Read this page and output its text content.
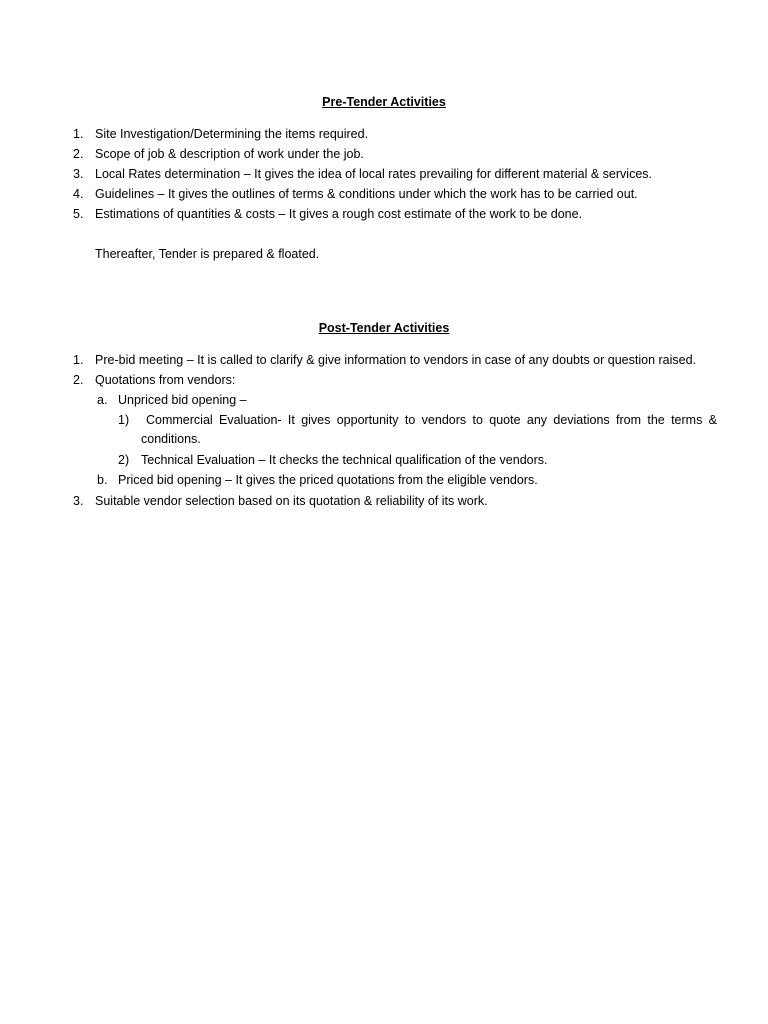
Pre-Tender Activities
1. Site Investigation/Determining the items required.
2. Scope of job & description of work under the job.
3. Local Rates determination – It gives the idea of local rates prevailing for different material & services.
4. Guidelines – It gives the outlines of terms & conditions under which the work has to be carried out.
5. Estimations of quantities & costs – It gives a rough cost estimate of the work to be done.
Thereafter, Tender is prepared & floated.
Post-Tender Activities
1. Pre-bid meeting – It is called to clarify & give information to vendors in case of any doubts or question raised.
2. Quotations from vendors:
a. Unpriced bid opening –
1) Commercial Evaluation- It gives opportunity to vendors to quote any deviations from the terms &
conditions.
2) Technical Evaluation – It checks the technical qualification of the vendors.
b. Priced bid opening – It gives the priced quotations from the eligible vendors.
3. Suitable vendor selection based on its quotation & reliability of its work.
